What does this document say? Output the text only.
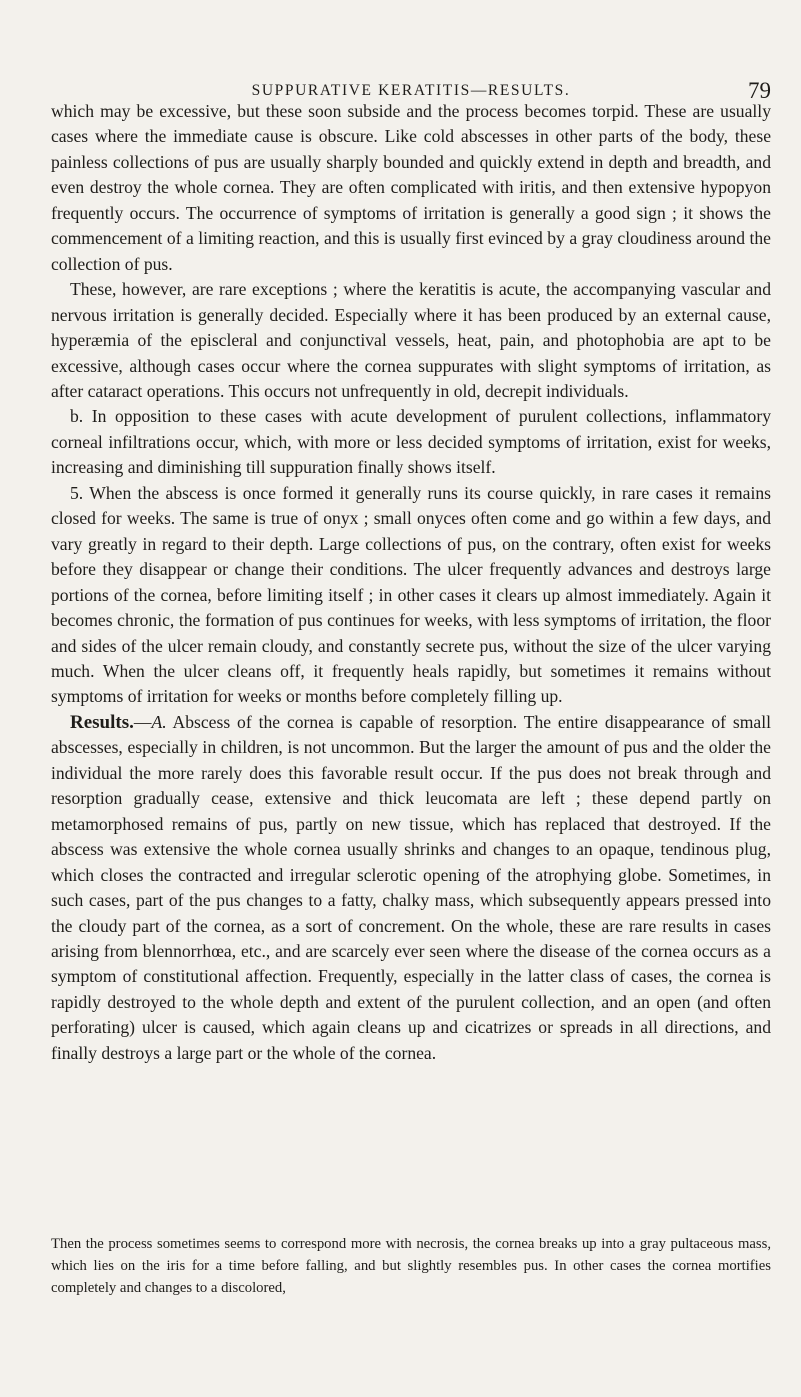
SUPPURATIVE KERATITIS—RESULTS.	79

which may be excessive, but these soon subside and the process becomes torpid. These are usually cases where the immediate cause is obscure. Like cold abscesses in other parts of the body, these painless collections of pus are usually sharply bounded and quickly extend in depth and breadth, and even destroy the whole cornea. They are often complicated with iritis, and then extensive hypopyon frequently occurs. The occurrence of symptoms of irritation is generally a good sign ; it shows the commencement of a limiting reaction, and this is usually first evinced by a gray cloudiness around the collection of pus.

These, however, are rare exceptions ; where the keratitis is acute, the accompanying vascular and nervous irritation is generally decided. Especially where it has been produced by an external cause, hyperæmia of the episcleral and conjunctival vessels, heat, pain, and photophobia are apt to be excessive, although cases occur where the cornea suppurates with slight symptoms of irritation, as after cataract operations. This occurs not unfrequently in old, decrepit individuals.

b. In opposition to these cases with acute development of purulent collections, inflammatory corneal infiltrations occur, which, with more or less decided symptoms of irritation, exist for weeks, increasing and diminishing till suppuration finally shows itself.

5. When the abscess is once formed it generally runs its course quickly, in rare cases it remains closed for weeks. The same is true of onyx ; small onyces often come and go within a few days, and vary greatly in regard to their depth. Large collections of pus, on the contrary, often exist for weeks before they disappear or change their conditions. The ulcer frequently advances and destroys large portions of the cornea, before limiting itself ; in other cases it clears up almost immediately. Again it becomes chronic, the formation of pus continues for weeks, with less symptoms of irritation, the floor and sides of the ulcer remain cloudy, and constantly secrete pus, without the size of the ulcer varying much. When the ulcer cleans off, it frequently heals rapidly, but sometimes it remains without symptoms of irritation for weeks or months before completely filling up.

Results.—A. Abscess of the cornea is capable of resorption. The entire disappearance of small abscesses, especially in children, is not uncommon. But the larger the amount of pus and the older the individual the more rarely does this favorable result occur. If the pus does not break through and resorption gradually cease, extensive and thick leucomata are left ; these depend partly on metamorphosed remains of pus, partly on new tissue, which has replaced that destroyed. If the abscess was extensive the whole cornea usually shrinks and changes to an opaque, tendinous plug, which closes the contracted and irregular sclerotic opening of the atrophying globe. Sometimes, in such cases, part of the pus changes to a fatty, chalky mass, which subsequently appears pressed into the cloudy part of the cornea, as a sort of concrement. On the whole, these are rare results in cases arising from blennorrhœa, etc., and are scarcely ever seen where the disease of the cornea occurs as a symptom of constitutional affection. Frequently, especially in the latter class of cases, the cornea is rapidly destroyed to the whole depth and extent of the purulent collection, and an open (and often perforating) ulcer is caused, which again cleans up and cicatrizes or spreads in all directions, and finally destroys a large part or the whole of the cornea.

Then the process sometimes seems to correspond more with necrosis, the cornea breaks up into a gray pultaceous mass, which lies on the iris for a time before falling, and but slightly resembles pus. In other cases the cornea mortifies completely and changes to a discolored,
